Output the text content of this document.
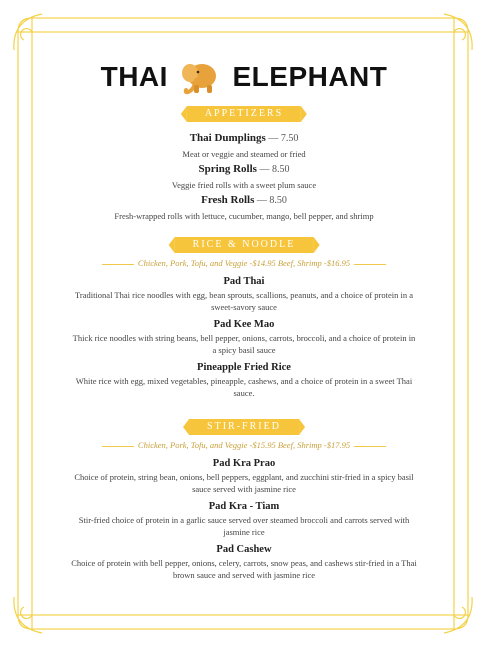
THAI ELEPHANT
APPETIZERS
Thai Dumplings — 7.50
Meat or veggie and steamed or fried
Spring Rolls — 8.50
Veggie fried rolls with a sweet plum sauce
Fresh Rolls — 8.50
Fresh-wrapped rolls with lettuce, cucumber, mango, bell pepper, and shrimp
RICE & NOODLE
Chicken, Pork, Tofu, and Veggie -$14.95 Beef, Shrimp -$16.95
Pad Thai
Traditional Thai rice noodles with egg, bean sprouts, scallions, peanuts, and a choice of protein in a sweet-savory sauce
Pad Kee Mao
Thick rice noodles with string beans, bell pepper, onions, carrots, broccoli, and a choice of protein in a spicy basil sauce
Pineapple Fried Rice
White rice with egg, mixed vegetables, pineapple, cashews, and a choice of protein in a sweet Thai sauce.
STIR-FRIED
Chicken, Pork, Tofu, and Veggie -$15.95 Beef, Shrimp -$17.95
Pad Kra Prao
Choice of protein, string bean, onions, bell peppers, eggplant, and zucchini stir-fried in a spicy basil sauce served with jasmine rice
Pad Kra - Tiam
Stir-fried choice of protein in a garlic sauce served over steamed broccoli and carrots served with jasmine rice
Pad Cashew
Choice of protein with bell pepper, onions, celery, carrots, snow peas, and cashews stir-fried in a Thai brown sauce and served with jasmine rice
